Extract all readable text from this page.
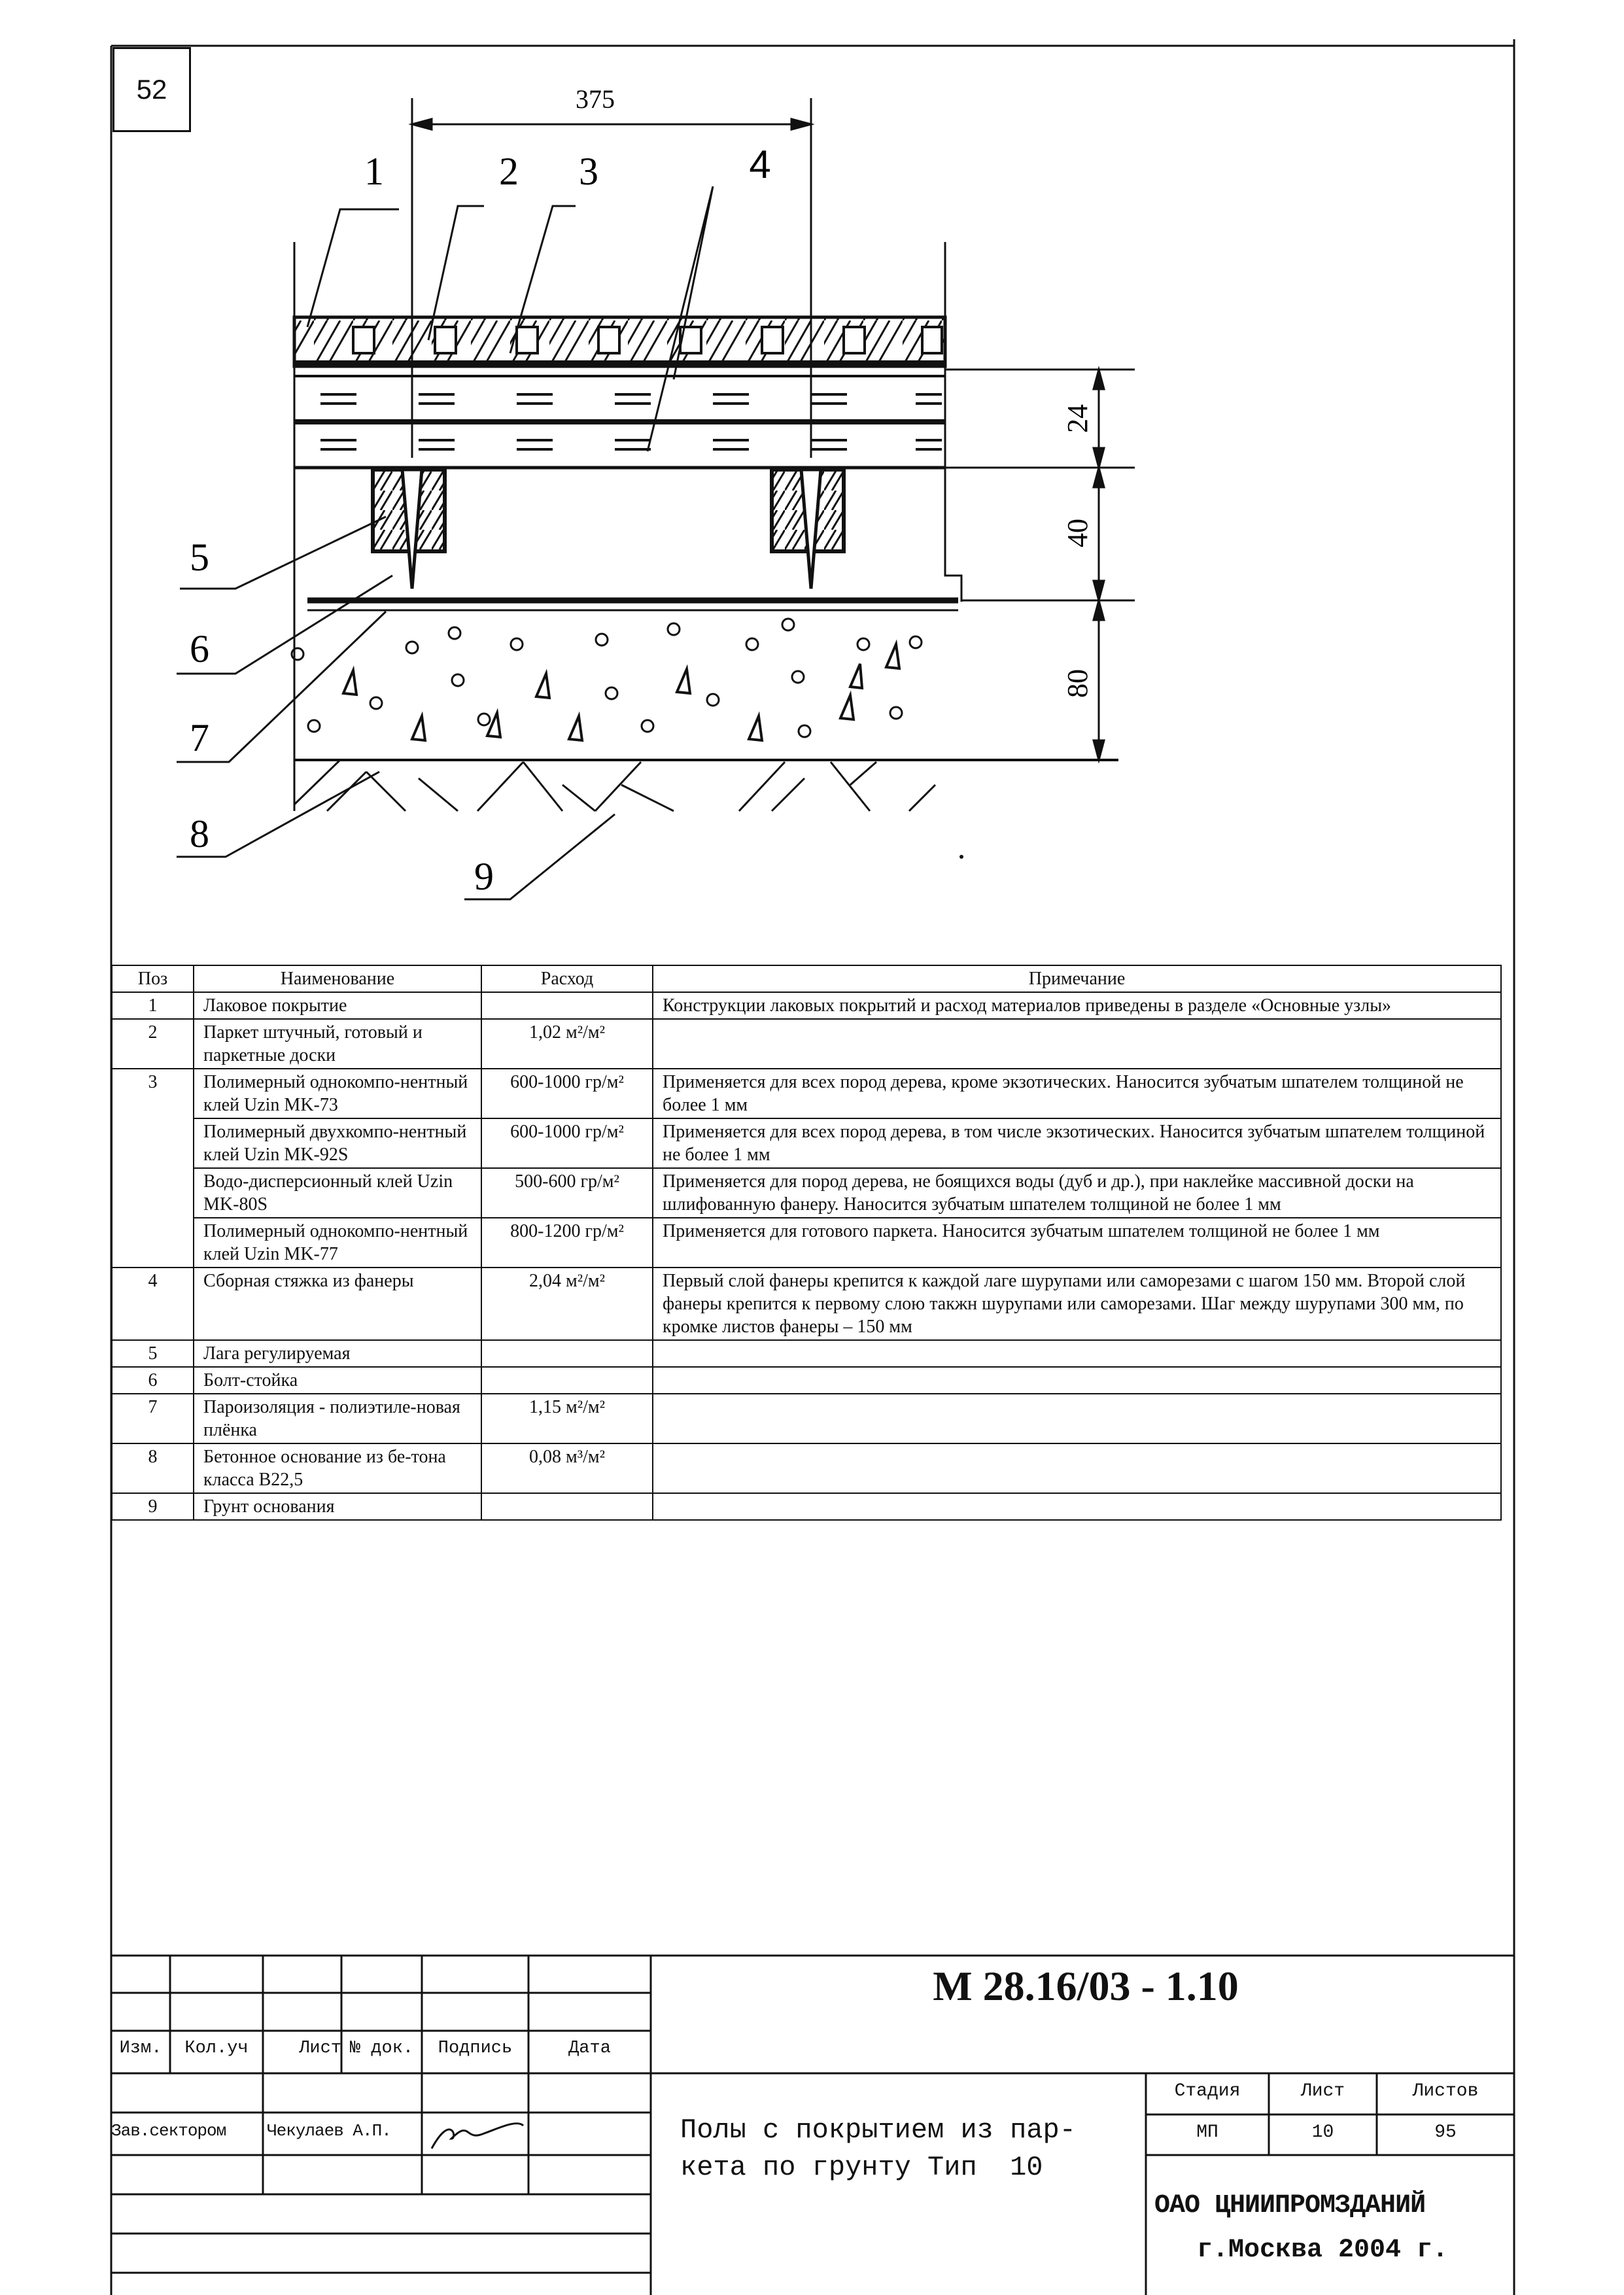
52	375
24
40
80
1	2 3	4
5
6
7
8
9
Поз	Наименование	Расход	Примечание
1	Лаковое покрытие		Конструкции лаковых покрытий и расход материалов приведены в разделе «Основные узлы»
2	Паркет штучный, готовый и паркетные доски	1,02 м²/м²	
3	Полимерный однокомпо-нентный клей Uzin MK-73	600-1000 гр/м²	Применяется для всех пород дерева, кроме экзотических. Наносится зубчатым шпателем толщиной не более 1 мм
	Полимерный двухкомпо-нентный клей Uzin MK-92S	600-1000 гр/м²	Применяется для всех пород дерева, в том числе экзотических. Наносится зубчатым шпателем толщиной не более 1 мм
	Водо-дисперсионный клей Uzin MK-80S	500-600 гр/м²	Применяется для пород дерева, не боящихся воды (дуб и др.), при наклейке массивной доски на шлифованную фанеру. Наносится зубчатым шпателем толщиной не более 1 мм
	Полимерный однокомпо-нентный клей Uzin MK-77	800-1200 гр/м²	Применяется для готового паркета. Наносится зубчатым шпателем толщиной не более 1 мм
4	Сборная стяжка из фанеры	2,04 м²/м²	Первый слой фанеры крепится к каждой лаге шурупами или саморезами с шагом 150 мм. Второй слой фанеры крепится к первому слою такжн шурупами или саморезами. Шаг между шурупами 300 мм, по кромке листов фанеры – 150 мм
5	Лага регулируемая		
6	Болт-стойка		
7	Пароизоляция - полиэтиле-новая плёнка	1,15 м²/м²	
8	Бетонное основание из бе-тона класса В22,5	0,08 м³/м²	
9	Грунт основания		
Изм.	Кол.уч	Лист № док.	Подпись	Дата
Зав.сектором	Чекулаев А.П.
М 28.16/03 - 1.10
Полы с покрытием из пар-
кета по грунту Тип  10
Стадия	Лист	Листов
МП	10	95
ОАО ЦНИИПРОМЗДАНИЙ
г.Москва 2004 г.
